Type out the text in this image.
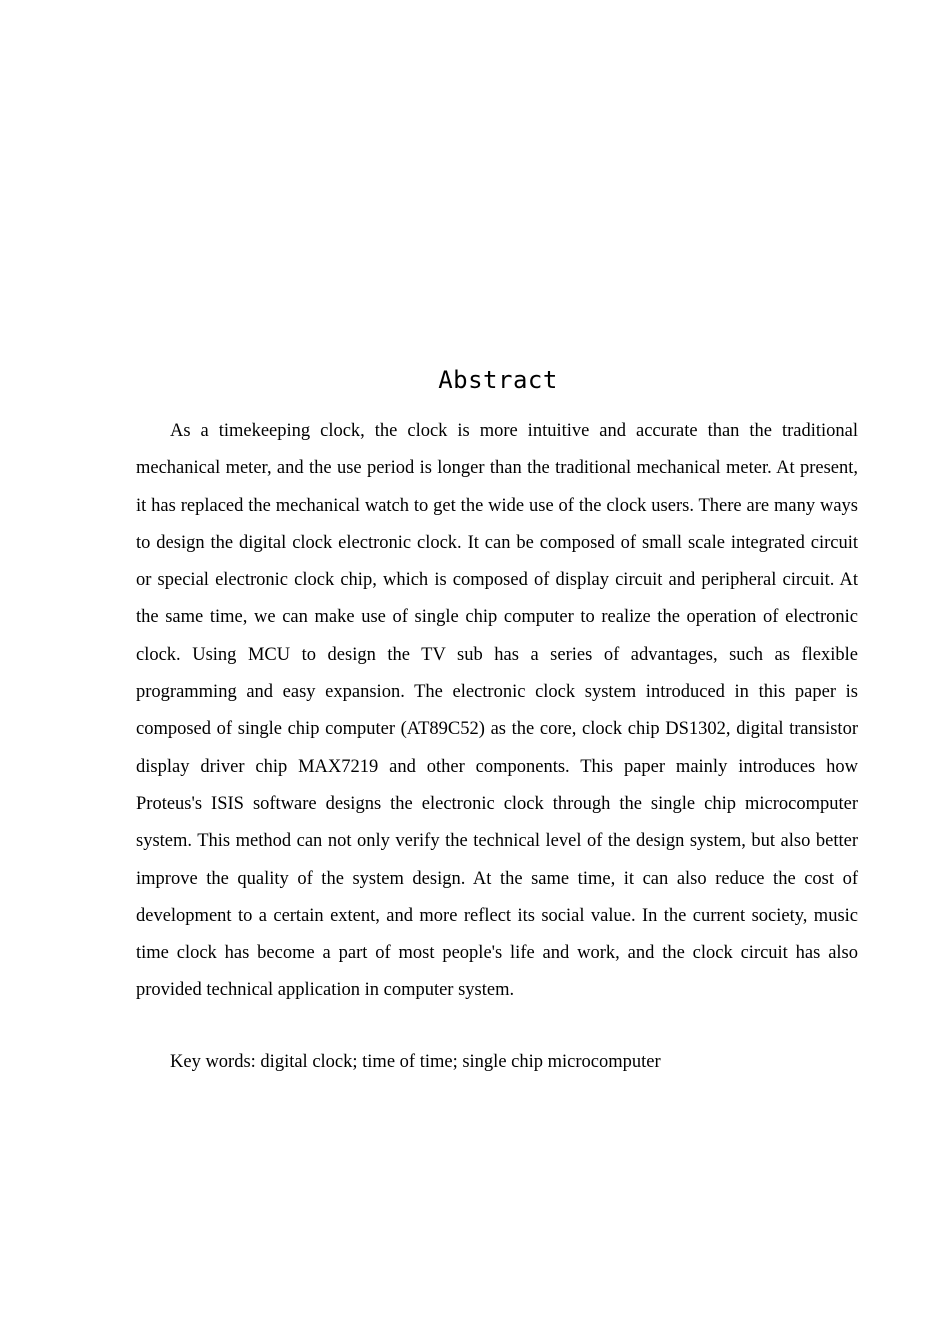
Abstract

As a timekeeping clock, the clock is more intuitive and accurate than the traditional mechanical meter, and the use period is longer than the traditional mechanical meter. At present, it has replaced the mechanical watch to get the wide use of the clock users. There are many ways to design the digital clock electronic clock. It can be composed of small scale integrated circuit or special electronic clock chip, which is composed of display circuit and peripheral circuit. At the same time, we can make use of single chip computer to realize the operation of electronic clock. Using MCU to design the TV sub has a series of advantages, such as flexible programming and easy expansion. The electronic clock system introduced in this paper is composed of single chip computer (AT89C52) as the core, clock chip DS1302, digital transistor display driver chip MAX7219 and other components. This paper mainly introduces how Proteus's ISIS software designs the electronic clock through the single chip microcomputer system. This method can not only verify the technical level of the design system, but also better improve the quality of the system design. At the same time, it can also reduce the cost of development to a certain extent, and more reflect its social value. In the current society, music time clock has become a part of most people's life and work, and the clock circuit has also provided technical application in computer system.

Key words: digital clock; time of time; single chip microcomputer
